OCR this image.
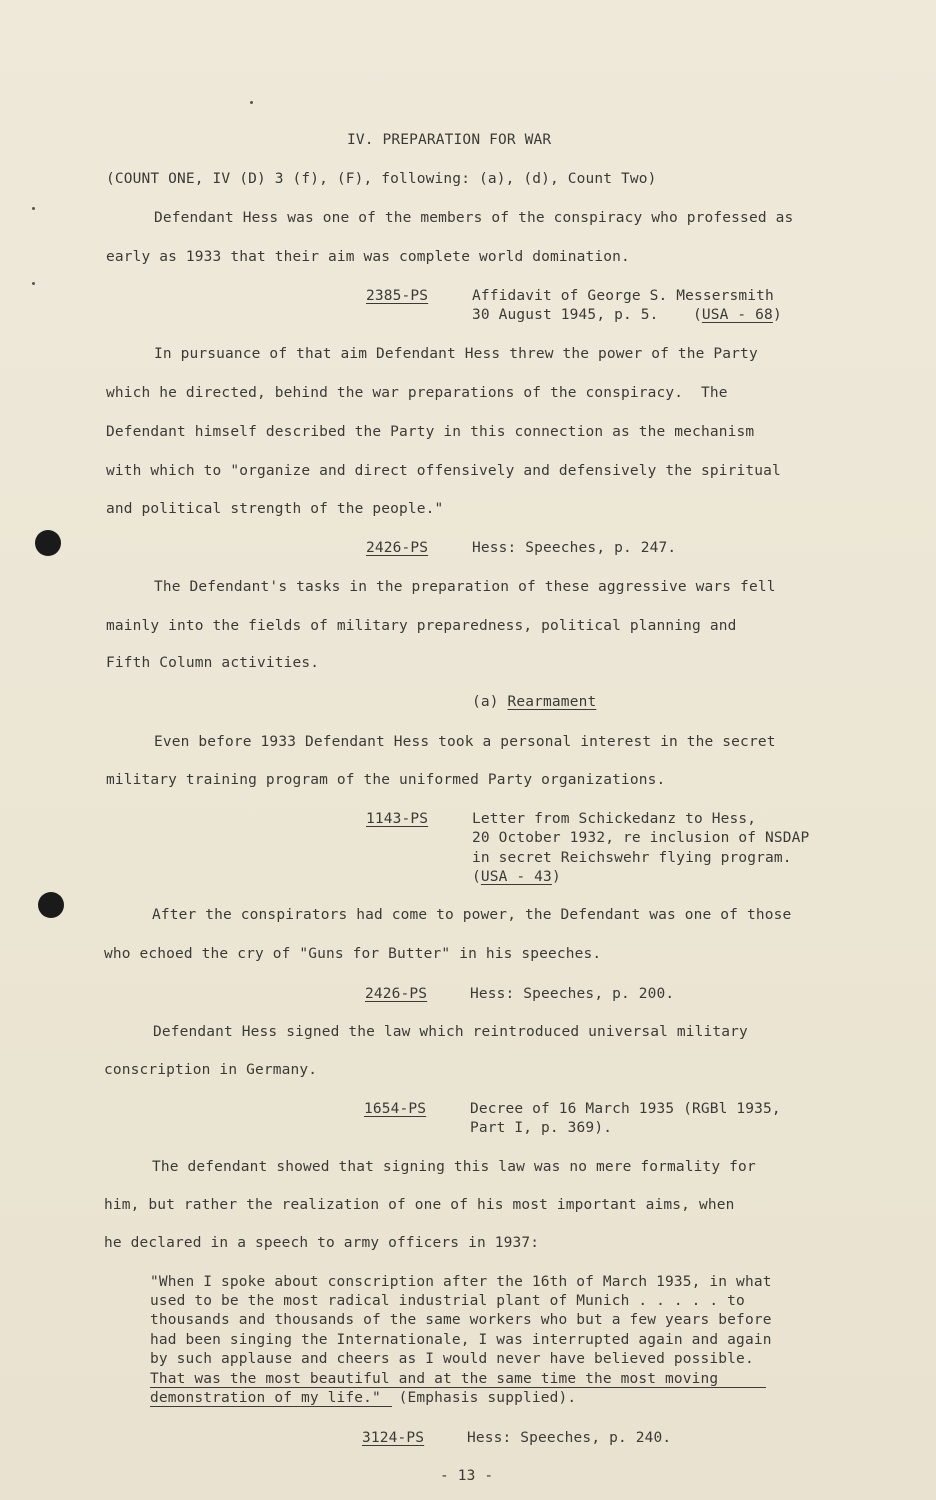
IV. PREPARATION FOR WAR
(COUNT ONE, IV (D) 3 (f), (F), following: (a), (d), Count Two)
Defendant Hess was one of the members of the conspiracy who professed as
early as 1933 that their aim was complete world domination.
2385-PS	Affidavit of George S. Messersmith
30 August 1945, p. 5. (USA - 68)
In pursuance of that aim Defendant Hess threw the power of the Party
which he directed, behind the war preparations of the conspiracy.  The
Defendant himself described the Party in this connection as the mechanism
with which to "organize and direct offensively and defensively the spiritual
and political strength of the people."
2426-PS	Hess: Speeches, p. 247.
The Defendant's tasks in the preparation of these aggressive wars fell
mainly into the fields of military preparedness, political planning and
Fifth Column activities.
(a) Rearmament
Even before 1933 Defendant Hess took a personal interest in the secret
military training program of the uniformed Party organizations.
1143-PS	Letter from Schickedanz to Hess,
20 October 1932, re inclusion of NSDAP
in secret Reichswehr flying program.
(USA - 43)
After the conspirators had come to power, the Defendant was one of those
who echoed the cry of "Guns for Butter" in his speeches.
2426-PS	Hess: Speeches, p. 200.
Defendant Hess signed the law which reintroduced universal military
conscription in Germany.
1654-PS	Decree of 16 March 1935 (RGBl 1935,
Part I, p. 369).
The defendant showed that signing this law was no mere formality for
him, but rather the realization of one of his most important aims, when
he declared in a speech to army officers in 1937:
"When I spoke about conscription after the 16th of March 1935, in what
used to be the most radical industrial plant of Munich . . . . . to
thousands and thousands of the same workers who but a few years before
had been singing the Internationale, I was interrupted again and again
by such applause and cheers as I would never have believed possible.
That was the most beautiful and at the same time the most moving
demonstration of my life."  (Emphasis supplied).
3124-PS	Hess: Speeches, p. 240.
- 13 -
